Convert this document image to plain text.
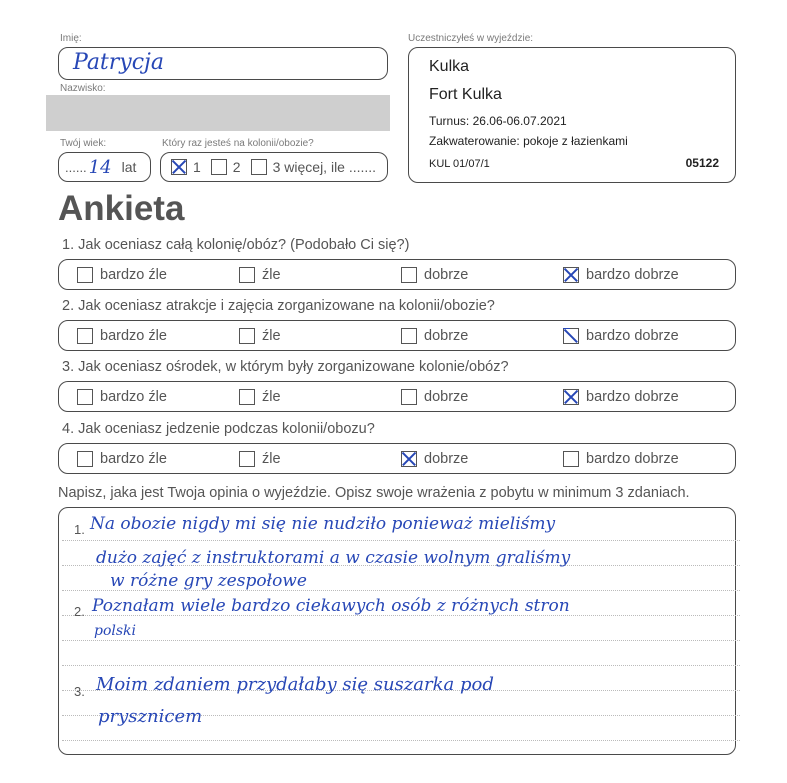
Imię:
Patrycja
Nazwisko:
Twój wiek:
...... 14 lat
Który raz jesteś na kolonii/obozie?
1 2 3 więcej, ile .......
Uczestniczyłeś w wyjeździe:
Kulka
Fort Kulka
Turnus: 26.06-06.07.2021
Zakwaterowanie: pokoje z łazienkami
KUL 01/07/1	05122
Ankieta
1. Jak oceniasz całą kolonię/obóz? (Podobało Ci się?)
bardzo źle	źle	dobrze	bardzo dobrze
2. Jak oceniasz atrakcje i zajęcia zorganizowane na kolonii/obozie?
bardzo źle	źle	dobrze	bardzo dobrze
3. Jak oceniasz ośrodek, w którym były zorganizowane kolonie/obóz?
bardzo źle	źle	dobrze	bardzo dobrze
4. Jak oceniasz jedzenie podczas kolonii/obozu?
bardzo źle	źle	dobrze	bardzo dobrze
Napisz, jaka jest Twoja opinia o wyjeździe. Opisz swoje wrażenia z pobytu w minimum 3 zdaniach.
1. Na obozie nigdy mi się nie nudziło ponieważ mieliśmy
dużo zajęć z instruktorami a w czasie wolnym graliśmy
w różne gry zespołowe
2. Poznałam wiele bardzo ciekawych osób z różnych stron
polski
3. Moim zdaniem przydałaby się suszarka pod
prysznicem
